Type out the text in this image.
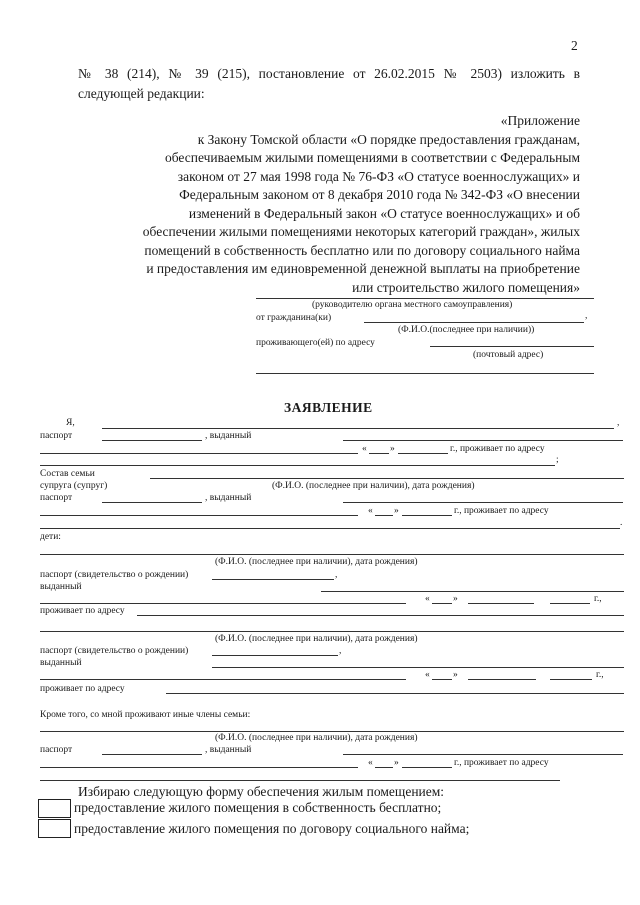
2
№ 38 (214), № 39 (215), постановление от 26.02.2015 № 2503) изложить в
следующей редакции:
«Приложение
к Закону Томской области «О порядке предоставления гражданам,
обеспечиваемым жилыми помещениями в соответствии с Федеральным
законом от 27 мая 1998 года № 76-ФЗ «О статусе военнослужащих» и
Федеральным законом от 8 декабря 2010 года № 342-ФЗ «О внесении
изменений в Федеральный закон «О статусе военнослужащих» и об
обеспечении жилыми помещениями некоторых категорий граждан», жилых
помещений в собственность бесплатно или по договору социального найма
и предоставления им единовременной денежной выплаты на приобретение
или строительство жилого помещения»
(руководителю органа местного самоуправления)
от гражданина(ки)	,
(Ф.И.О.(последнее при наличии))
проживающего(ей) по адресу
(почтовый адрес)
ЗАЯВЛЕНИЕ
Я,	,
паспорт	, выданный
« »	г., проживает по адресу
;
Состав семьи
супруга (супруг)	(Ф.И.О. (последнее при наличии), дата рождения)
паспорт	, выданный
« »	г., проживает по адресу
.
дети:
(Ф.И.О. (последнее при наличии), дата рождения)
паспорт (свидетельство о рождении)	,
выданный
« »	г.,
проживает по адресу
(Ф.И.О. (последнее при наличии), дата рождения)
паспорт (свидетельство о рождении)	,
выданный
« »	г.,
проживает по адресу
Кроме того, со мной проживают иные члены семьи:
(Ф.И.О. (последнее при наличии), дата рождения)
паспорт	, выданный
« »	г., проживает по адресу
Избираю следующую форму обеспечения жилым помещением:
предоставление жилого помещения в собственность бесплатно;
предоставление жилого помещения по договору социального найма;
